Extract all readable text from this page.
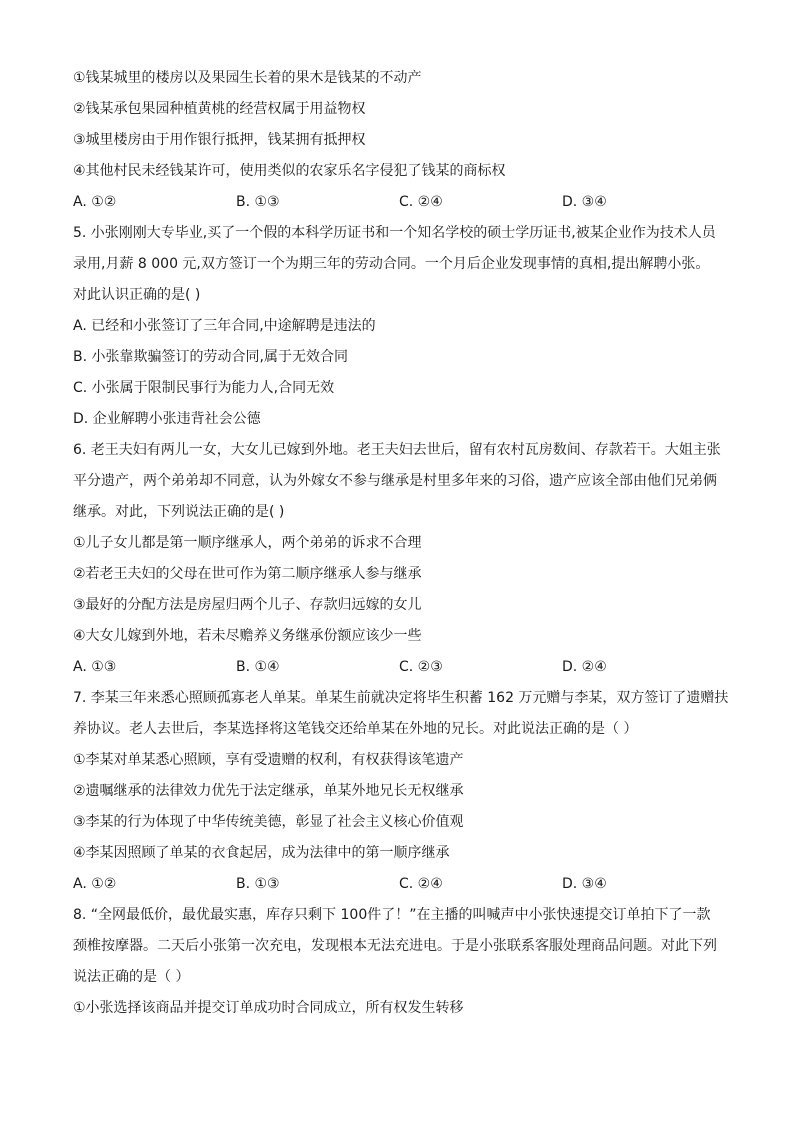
①钱某城里的楼房以及果园生长着的果木是钱某的不动产
②钱某承包果园种植黄桃的经营权属于用益物权
③城里楼房由于用作银行抵押，钱某拥有抵押权
④其他村民未经钱某许可，使用类似的农家乐名字侵犯了钱某的商标权
A. ①②	B. ①③	C. ②④	D. ③④
5. 小张刚刚大专毕业,买了一个假的本科学历证书和一个知名学校的硕士学历证书,被某企业作为技术人员
录用,月薪 8 000 元,双方签订一个为期三年的劳动合同。一个月后企业发现事情的真相,提出解聘小张。
对此认识正确的是( )
A. 已经和小张签订了三年合同,中途解聘是违法的
B. 小张靠欺骗签订的劳动合同,属于无效合同
C. 小张属于限制民事行为能力人,合同无效
D. 企业解聘小张违背社会公德
6. 老王夫妇有两儿一女，大女儿已嫁到外地。老王夫妇去世后，留有农村瓦房数间、存款若干。大姐主张
平分遗产，两个弟弟却不同意，认为外嫁女不参与继承是村里多年来的习俗，遗产应该全部由他们兄弟俩
继承。对此，下列说法正确的是( )
①儿子女儿都是第一顺序继承人，两个弟弟的诉求不合理
②若老王夫妇的父母在世可作为第二顺序继承人参与继承
③最好的分配方法是房屋归两个儿子、存款归远嫁的女儿
④大女儿嫁到外地，若未尽赡养义务继承份额应该少一些
A. ①③	B. ①④	C. ②③	D. ②④
7. 李某三年来悉心照顾孤寡老人单某。单某生前就决定将毕生积蓄 162 万元赠与李某，双方签订了遗赠扶
养协议。老人去世后，李某选择将这笔钱交还给单某在外地的兄长。对此说法正确的是（ ）
①李某对单某悉心照顾，享有受遗赠的权利，有权获得该笔遗产
②遗嘱继承的法律效力优先于法定继承，单某外地兄长无权继承
③李某的行为体现了中华传统美德，彰显了社会主义核心价值观
④李某因照顾了单某的衣食起居，成为法律中的第一顺序继承
A. ①②	B. ①③	C. ②④	D. ③④
8. “全网最低价，最优最实惠，库存只剩下 100件了！”在主播的叫喊声中小张快速提交订单拍下了一款
颈椎按摩器。二天后小张第一次充电，发现根本无法充进电。于是小张联系客服处理商品问题。对此下列
说法正确的是（ ）
①小张选择该商品并提交订单成功时合同成立，所有权发生转移
